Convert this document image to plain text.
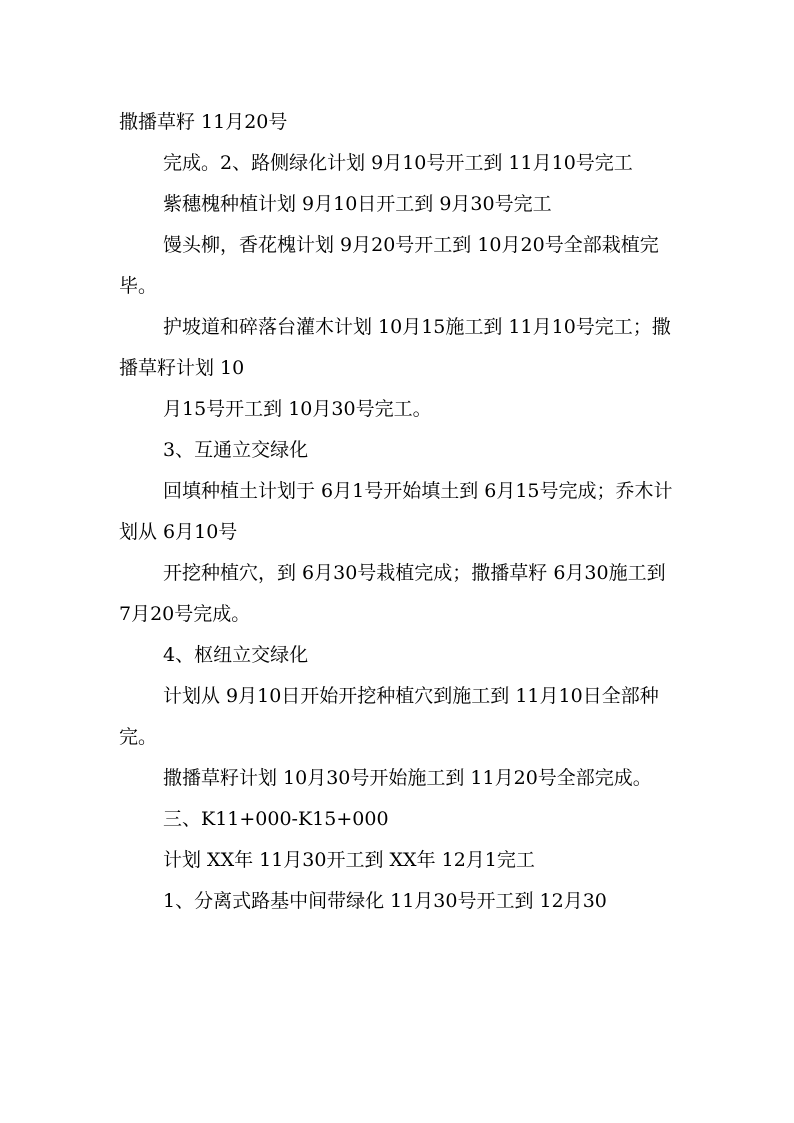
撒播草籽 11月20号

完成。2、路侧绿化计划 9月10号开工到 11月10号完工

紫穗槐种植计划 9月10日开工到 9月30号完工

馒头柳，香花槐计划 9月20号开工到 10月20号全部栽植完毕。

护坡道和碎落台灌木计划 10月15施工到 11月10号完工；撒播草籽计划 10

月15号开工到 10月30号完工。

3、互通立交绿化

回填种植土计划于 6月1号开始填土到 6月15号完成；乔木计划从 6月10号

开挖种植穴，到 6月30号栽植完成；撒播草籽 6月30施工到 7月20号完成。

4、枢纽立交绿化

计划从 9月10日开始开挖种植穴到施工到 11月10日全部种完。

撒播草籽计划 10月30号开始施工到 11月20号全部完成。

三、K11+000-K15+000

计划 XX年 11月30开工到 XX年 12月1完工

1、分离式路基中间带绿化 11月30号开工到 12月30
